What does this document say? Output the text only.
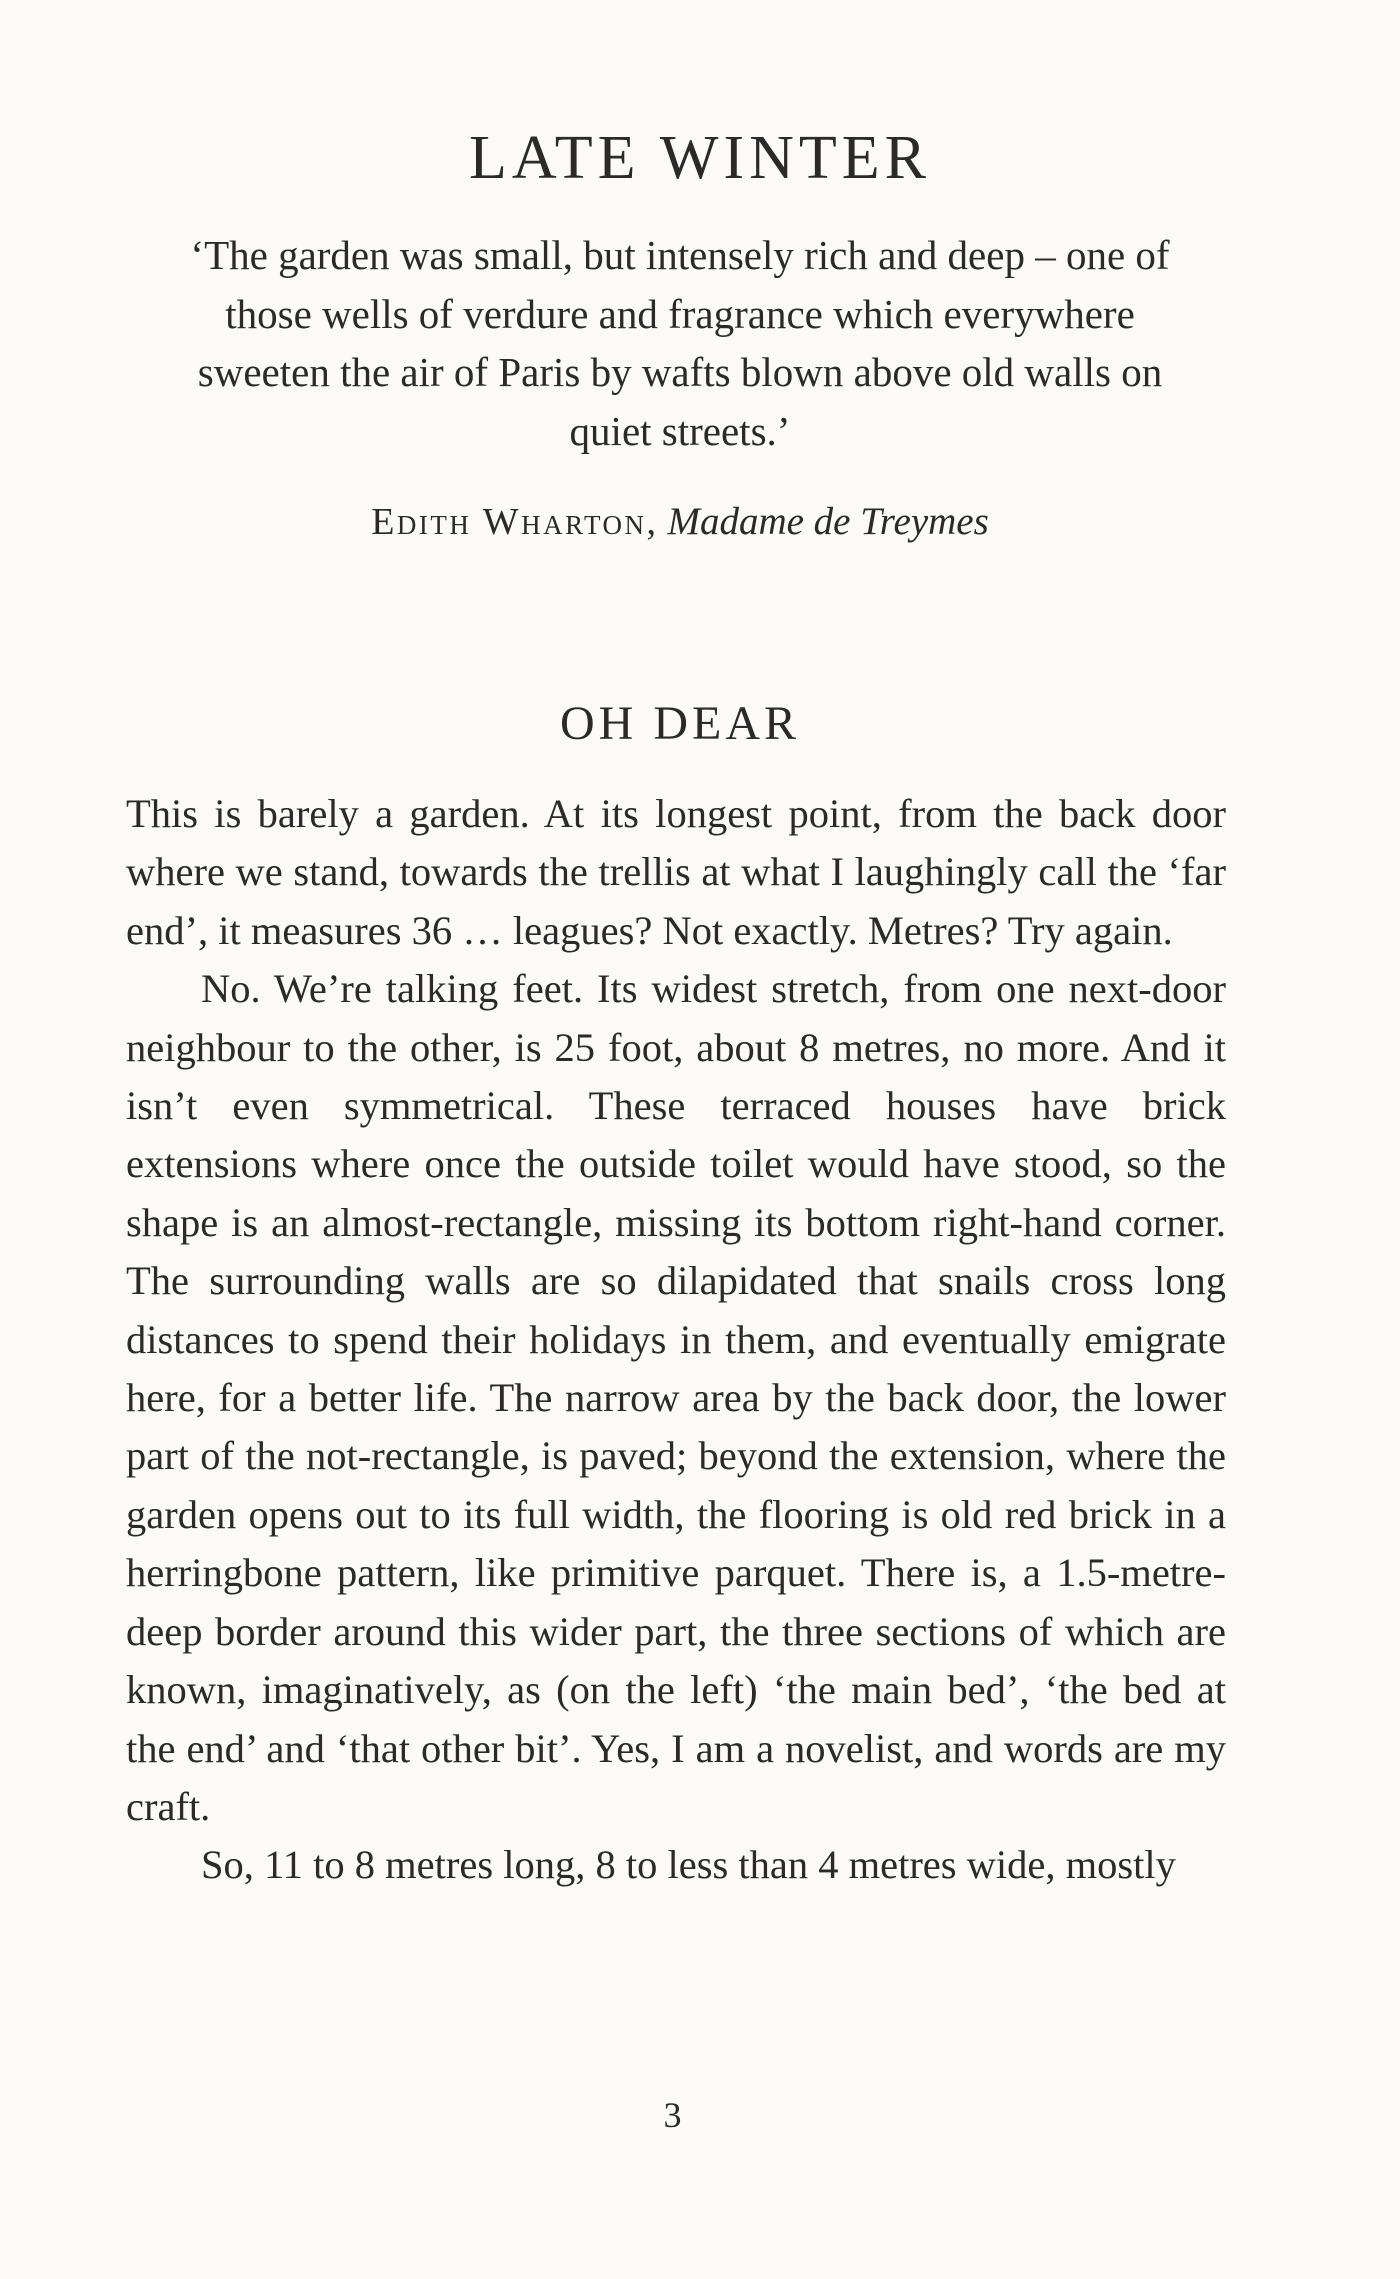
LATE WINTER

‘The garden was small, but intensely rich and deep – one of those wells of verdure and fragrance which everywhere sweeten the air of Paris by wafts blown above old walls on quiet streets.’

Edith Wharton, Madame de Treymes

OH DEAR

This is barely a garden. At its longest point, from the back door where we stand, towards the trellis at what I laughingly call the ‘far end’, it measures 36 … leagues? Not exactly. Metres? Try again.

No. We’re talking feet. Its widest stretch, from one next-door neighbour to the other, is 25 foot, about 8 metres, no more. And it isn’t even symmetrical. These terraced houses have brick extensions where once the outside toilet would have stood, so the shape is an almost-rectangle, missing its bottom right-hand corner. The surrounding walls are so dilapidated that snails cross long distances to spend their holidays in them, and eventually emigrate here, for a better life. The narrow area by the back door, the lower part of the not-rectangle, is paved; beyond the extension, where the garden opens out to its full width, the flooring is old red brick in a herringbone pattern, like primitive parquet. There is, a 1.5-metre-deep border around this wider part, the three sections of which are known, imaginatively, as (on the left) ‘the main bed’, ‘the bed at the end’ and ‘that other bit’. Yes, I am a novelist, and words are my craft.

So, 11 to 8 metres long, 8 to less than 4 metres wide, mostly

3
